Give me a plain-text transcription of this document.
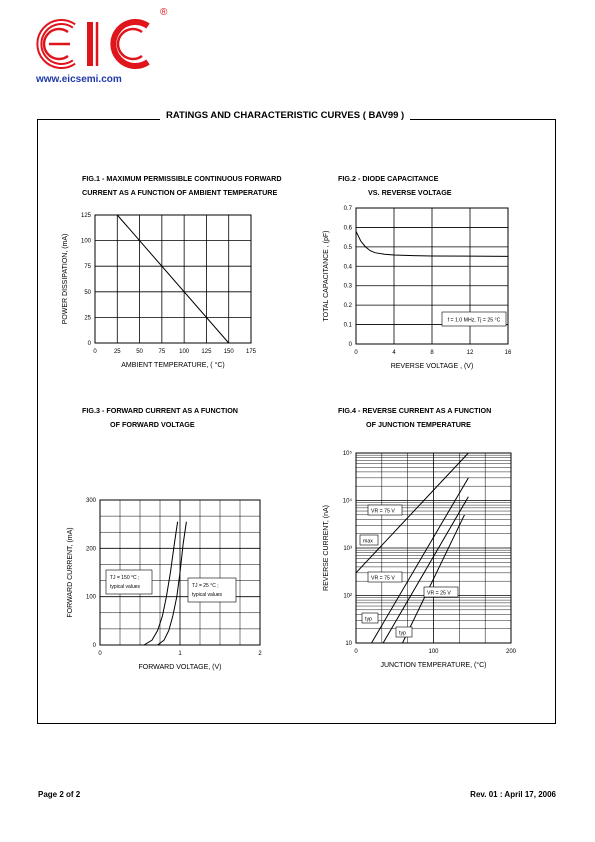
®
www.eicsemi.com
RATINGS AND CHARACTERISTIC CURVES ( BAV99 )
FIG.1 - MAXIMUM PERMISSIBLE CONTINUOUS FORWARD
CURRENT AS A FUNCTION OF AMBIENT TEMPERATURE
FIG.2 - DIODE CAPACITANCE
VS. REVERSE VOLTAGE
FIG.3 - FORWARD CURRENT AS A FUNCTION
OF FORWARD VOLTAGE
FIG.4 - REVERSE CURRENT AS A FUNCTION
OF JUNCTION TEMPERATURE
0	25	50	75 100 125 150 175
0
25
50
75
100
125
AMBIENT TEMPERATURE, ( °C)
POWER DISSIPATION, (mA)
0	4	8	12	16
0
0.1
0.2
0.3
0.4
0.5
0.6
0.7
REVERSE VOLTAGE , (V)
TOTAL CAPACITANCE , (pF)	f = 1.0 MHz, Tj = 25 °C
0	1	2
0
100
200
300
FORWARD VOLTAGE, (V)
FORWARD CURRENT, (mA)	TJ = 150 °C ;
typical values	TJ = 25 °C ;
typical values
0	100	200
10
10²
10³
10⁴
10⁵
JUNCTION TEMPERATURE, (°C)
REVERSE CURRENT, (nA)	VR = 75 V
max
VR = 75 V
VR = 25 V
typ
typ
Page 2 of 2	Rev. 01 : April 17, 2006
